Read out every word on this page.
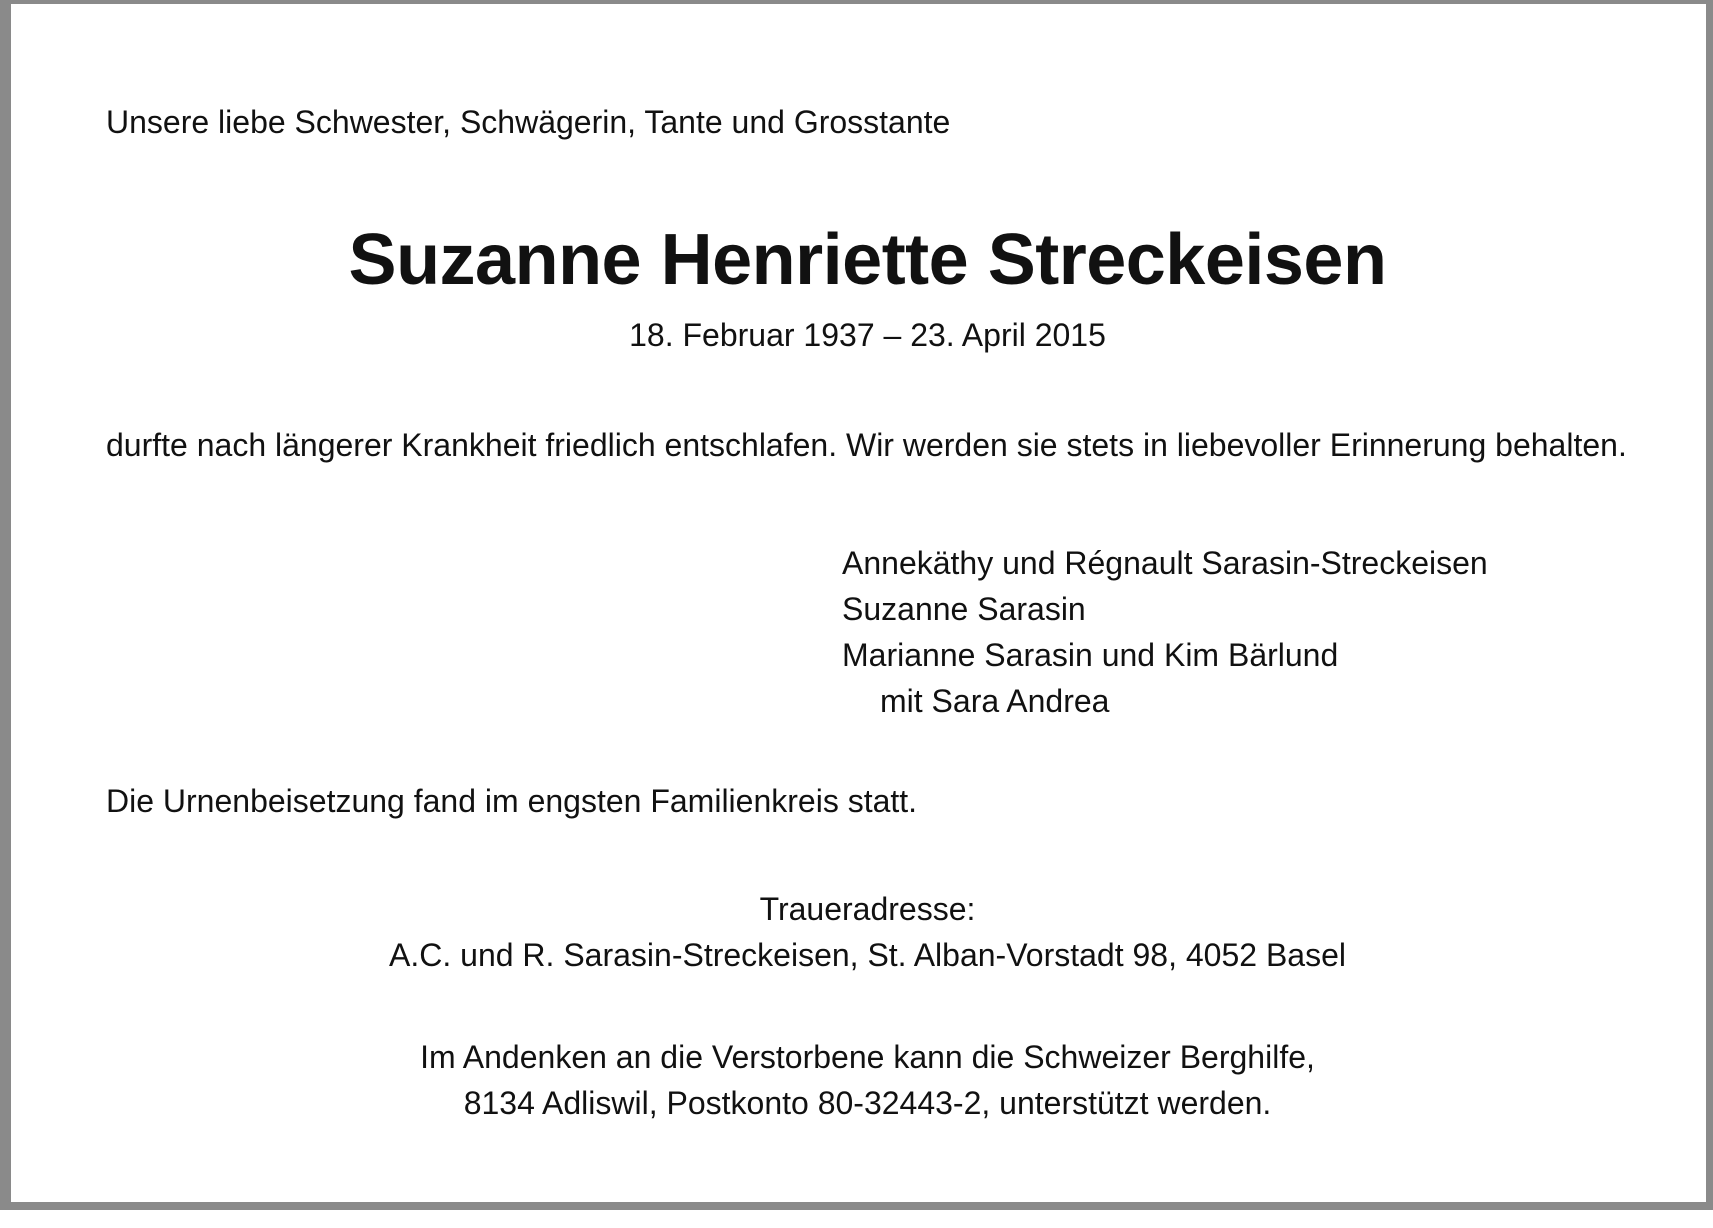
Unsere liebe Schwester, Schwägerin, Tante und Grosstante
Suzanne Henriette Streckeisen
18. Februar 1937 – 23. April 2015
durfte nach längerer Krankheit friedlich entschlafen. Wir werden sie stets in liebevoller Erinnerung behalten.
Annekäthy und Régnault Sarasin-Streckeisen
Suzanne Sarasin
Marianne Sarasin und Kim Bärlund
mit Sara Andrea
Die Urnenbeisetzung fand im engsten Familienkreis statt.
Traueradresse:
A.C. und R. Sarasin-Streckeisen, St. Alban-Vorstadt 98, 4052 Basel
Im Andenken an die Verstorbene kann die Schweizer Berghilfe,
8134 Adliswil, Postkonto 80-32443-2, unterstützt werden.
